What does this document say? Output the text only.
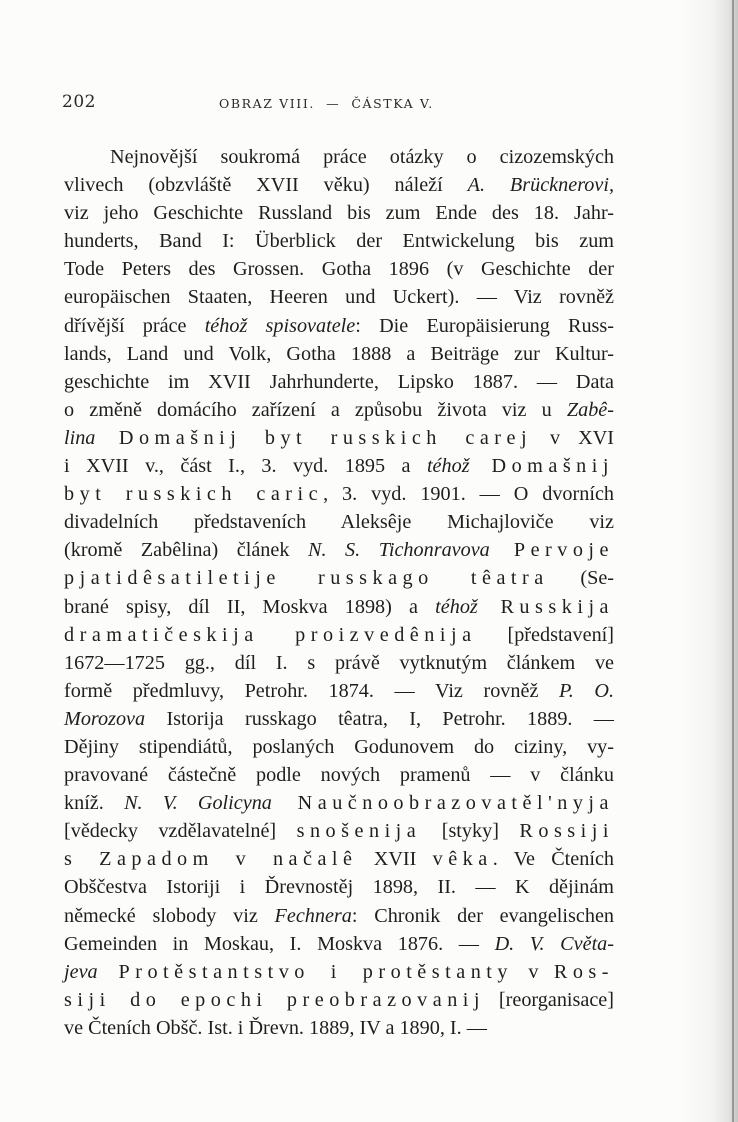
202	OBRAZ VIII.  —  ČÁSTKA V.
Nejnovější soukromá práce otázky o cizozemských
vlivech (obzvláště XVII věku) náleží A. Brücknerovi,
viz jeho Geschichte Russland bis zum Ende des 18. Jahr-
hunderts, Band I: Überblick der Entwickelung bis zum
Tode Peters des Grossen. Gotha 1896 (v Geschichte der
europäischen Staaten, Heeren und Uckert). — Viz rovněž
dřívější práce téhož spisovatele: Die Europäisierung Russ-
lands, Land und Volk, Gotha 1888 a Beiträge zur Kultur-
geschichte im XVII Jahrhunderte, Lipsko 1887. — Data
o změně domácího zařízení a způsobu života viz u Zabê-
lina Domašnij byt russkich carej v XVI
i XVII v., část I., 3. vyd. 1895 a téhož Domašnij
byt russkich caric, 3. vyd. 1901. — O dvorních
divadelních představeních Aleksêje Michajloviče viz
(kromě Zabêlina) článek N. S. Tichonravova Pervoje
pjatidêsatiletije russkago têatra (Se-
brané spisy, díl II, Moskva 1898) a téhož Russkija
dramatičeskija proizvedênija [představení]
1672—1725 gg., díl I. s právě vytknutým článkem ve
formě předmluvy, Petrohr. 1874. — Viz rovněž P. O.
Morozova Istorija russkago têatra, I, Petrohr. 1889. —
Dějiny stipendiátů, poslaných Godunovem do ciziny, vy-
pravované částečně podle nových pramenů — v článku
kníž. N. V. Golicyna Naučnoobrazovatěl'nyja
[vědecky vzdělavatelné] snošenija [styky] Rossiji
s Zapadom v načalê XVII vêka. Ve Čteních
Obščestva Istoriji i Ďrevnostěj 1898, II. — K dějinám
německé slobody viz Fechnera: Chronik der evangelischen
Gemeinden in Moskau, I. Moskva 1876. — D. V. Cvěta-
jeva Protěstantstvo i protěstanty v Ros-
siji do epochi preobrazovanij [reorganisace]
ve Čteních Obšč. Ist. i Ďrevn. 1889, IV a 1890, I. —
